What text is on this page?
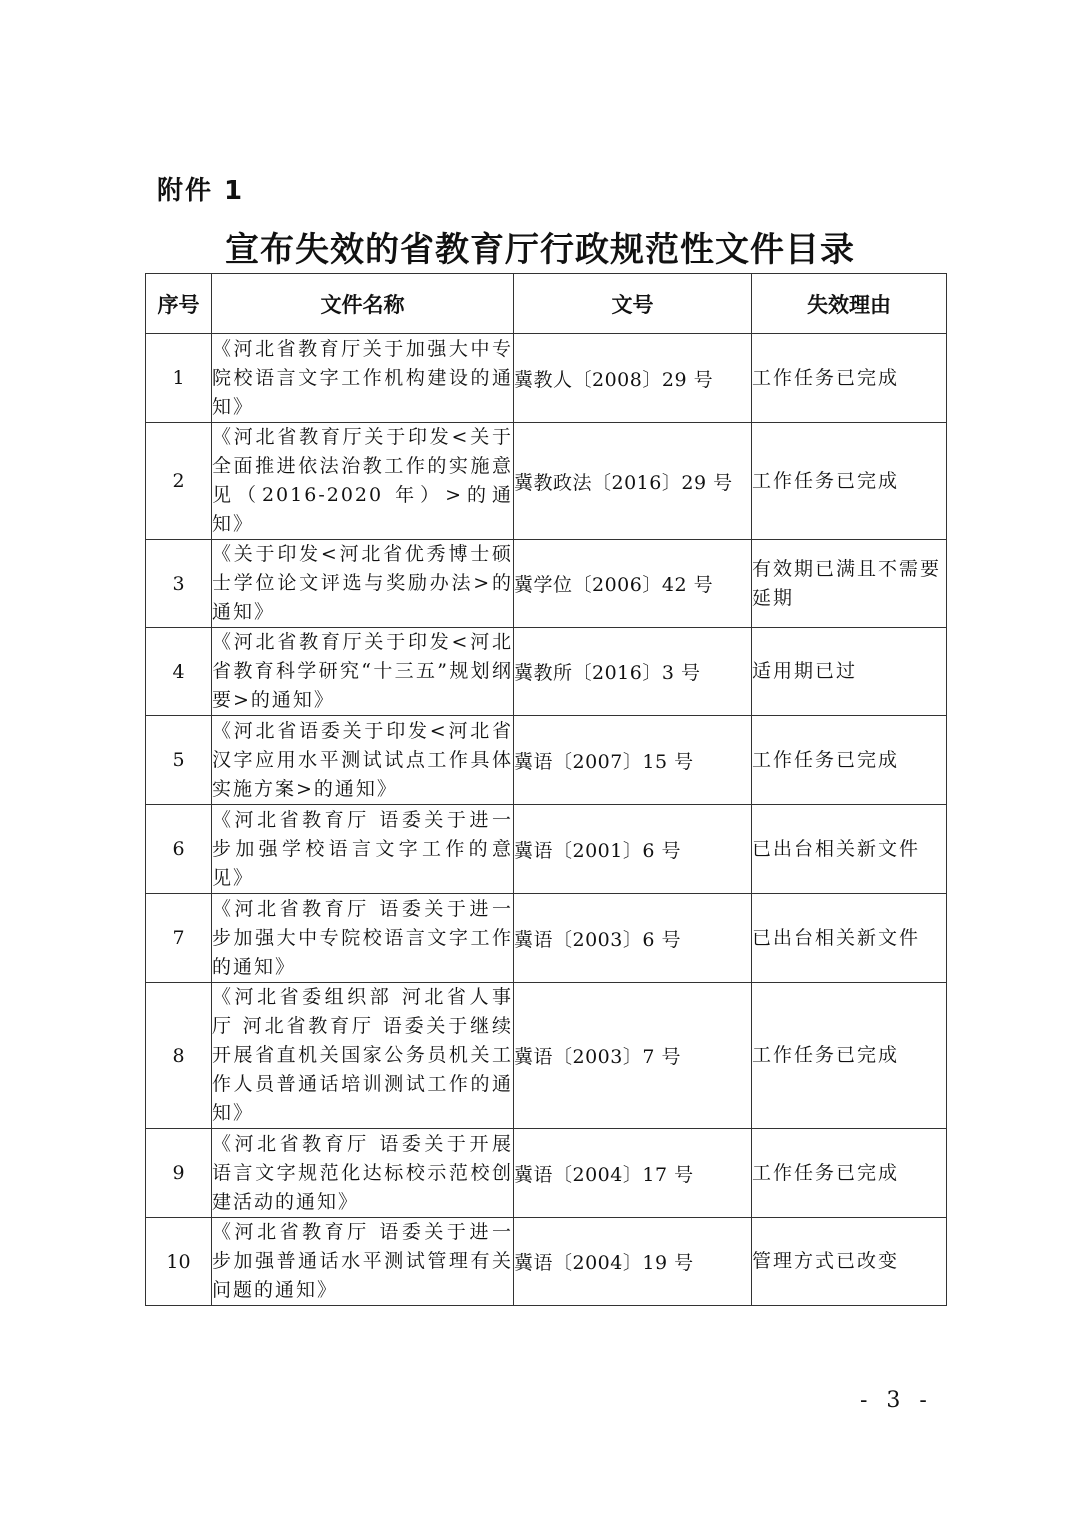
附件 1
宣布失效的省教育厅行政规范性文件目录
序号	文件名称	文号	失效理由
1	《河北省教育厅关于加强大中专院校语言文字工作机构建设的通知》	冀教人〔2008〕29 号	工作任务已完成
2	《河北省教育厅关于印发<关于全面推进依法治教工作的实施意见（2016-2020 年）>的通知》	冀教政法〔2016〕29 号	工作任务已完成
3	《关于印发<河北省优秀博士硕士学位论文评选与奖励办法>的通知》	冀学位〔2006〕42 号	有效期已满且不需要延期
4	《河北省教育厅关于印发<河北省教育科学研究“十三五”规划纲要>的通知》	冀教所〔2016〕3 号	适用期已过
5	《河北省语委关于印发<河北省汉字应用水平测试试点工作具体实施方案>的通知》	冀语〔2007〕15 号	工作任务已完成
6	《河北省教育厅 语委关于进一步加强学校语言文字工作的意见》	冀语〔2001〕6 号	已出台相关新文件
7	《河北省教育厅 语委关于进一步加强大中专院校语言文字工作的通知》	冀语〔2003〕6 号	已出台相关新文件
8	《河北省委组织部 河北省人事厅 河北省教育厅 语委关于继续开展省直机关国家公务员机关工作人员普通话培训测试工作的通知》	冀语〔2003〕7 号	工作任务已完成
9	《河北省教育厅 语委关于开展语言文字规范化达标校示范校创建活动的通知》	冀语〔2004〕17 号	工作任务已完成
10	《河北省教育厅 语委关于进一步加强普通话水平测试管理有关问题的通知》	冀语〔2004〕19 号	管理方式已改变
- 3 -
